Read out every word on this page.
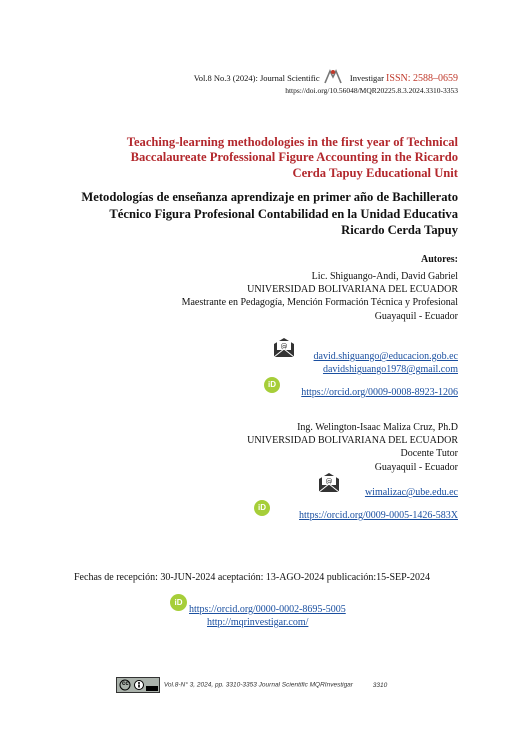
Vol.8 No.3 (2024): Journal Scientific	Investigar ISSN: 2588–0659
https://doi.org/10.56048/MQR20225.8.3.2024.3310-3353
Teaching-learning methodologies in the first year of Technical Baccalaureate Professional Figure Accounting in the Ricardo Cerda Tapuy Educational Unit
Metodologías de enseñanza aprendizaje en primer año de Bachillerato Técnico Figura Profesional Contabilidad en la Unidad Educativa Ricardo Cerda Tapuy
Autores:
Lic. Shiguango-Andi, David Gabriel
UNIVERSIDAD BOLIVARIANA DEL ECUADOR
Maestrante en Pedagogía, Mención Formación Técnica y Profesional
Guayaquil - Ecuador
@
david.shiguango@educacion.gob.ec
davidshiguango1978@gmail.com
iD
https://orcid.org/0009-0008-8923-1206
Ing. Welington-Isaac Maliza Cruz, Ph.D
UNIVERSIDAD BOLIVARIANA DEL ECUADOR
Docente Tutor
Guayaquil - Ecuador
@
wimalizac@ube.edu.ec
iD
https://orcid.org/0009-0005-1426-583X
Fechas de recepción: 30-JUN-2024 aceptación: 13-AGO-2024 publicación:15-SEP-2024
iD
https://orcid.org/0000-0002-8695-5005
http://mqrinvestigar.com/
cc	Vol.8-N° 3, 2024, pp. 3310-3353 Journal Scientific MQRInvestigar	3310
